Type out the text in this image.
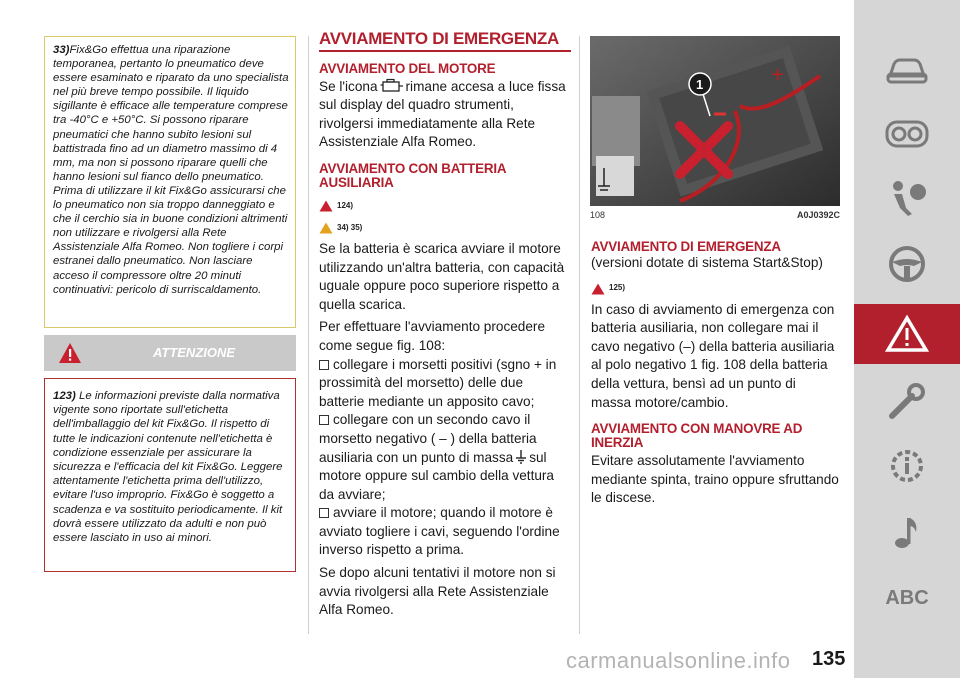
33)Fix&Go effettua una riparazione temporanea, pertanto lo pneumatico deve essere esaminato e riparato da uno specialista nel più breve tempo possibile. Il liquido sigillante è efficace alle temperature comprese tra -40°C e +50°C. Si possono riparare pneumatici che hanno subito lesioni sul battistrada fino ad un diametro massimo di 4 mm, ma non si possono riparare quelli che hanno lesioni sul fianco dello pneumatico. Prima di utilizzare il kit Fix&Go assicurarsi che lo pneumatico non sia troppo danneggiato e che il cerchio sia in buone condizioni altrimenti non utilizzare e rivolgersi alla Rete Assistenziale Alfa Romeo. Non togliere i corpi estranei dallo pneumatico. Non lasciare acceso il compressore oltre 20 minuti continuativi: pericolo di surriscaldamento.
ATTENZIONE
123) Le informazioni previste dalla normativa vigente sono riportate sull'etichetta dell'imballaggio del kit Fix&Go. Il rispetto di tutte le indicazioni contenute nell'etichetta è condizione essenziale per assicurare la sicurezza e l'efficacia del kit Fix&Go. Leggere attentamente l'etichetta prima dell'utilizzo, evitare l'uso improprio. Fix&Go è soggetto a scadenza e va sostituito periodicamente. Il kit dovrà essere utilizzato da adulti e non può essere lasciato in uso ai minori.
AVVIAMENTO DI EMERGENZA
AVVIAMENTO DEL MOTORE

Se l'icona rimane accesa a luce fissa sul display del quadro strumenti, rivolgersi immediatamente alla Rete Assistenziale Alfa Romeo.

AVVIAMENTO CON BATTERIA AUSILIARIA
124)
34) 35)

Se la batteria è scarica avviare il motore utilizzando un'altra batteria, con capacità uguale oppure poco superiore rispetto a quella scarica.

Per effettuare l'avviamento procedere come segue fig. 108:

collegare i morsetti positivi (sgno + in prossimità del morsetto) delle due batterie mediante un apposito cavo;

collegare con un secondo cavo il morsetto negativo ( – ) della batteria ausiliaria con un punto di massa sul motore oppure sul cambio della vettura da avviare;

avviare il motore; quando il motore è avviato togliere i cavi, seguendo l'ordine inverso rispetto a prima.

Se dopo alcuni tentativi il motore non si avvia rivolgersi alla Rete Assistenziale Alfa Romeo.

+
1
108	A0J0392C
AVVIAMENTO DI EMERGENZA

(versioni dotate di sistema Start&Stop)

125)

In caso di avviamento di emergenza con batteria ausiliaria, non collegare mai il cavo negativo (–) della batteria ausiliaria al polo negativo 1 fig. 108 della batteria della vettura, bensì ad un punto di massa motore/cambio.

AVVIAMENTO CON MANOVRE AD INERZIA

Evitare assolutamente l'avviamento mediante spinta, traino oppure sfruttando le discese.

ABC
135
carmanualsonline.info
